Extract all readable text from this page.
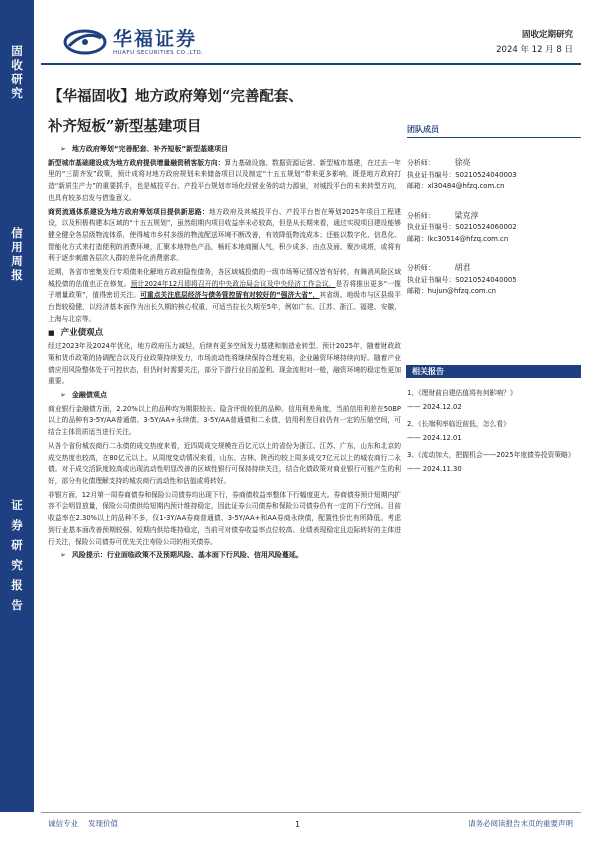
固收研究
信用周报
证券研究报告
华福证券
HUAFU SECURITIES CO.,LTD.
固收定期研究
2024 年 12 月 8 日
【华福固收】地方政府筹划“完善配套、
补齐短板”新型基建项目
➢ 地方政府筹划“完善配套、补齐短板”新型基建项目

新型城市基础建设成为地方政府提供增量融资稍客版方向：算力基础设施、数据资源运营、新型城市基建，在过去一年里的“三箭齐发”政策，预计成将对地方政府规划未来储备项目以及制定“十五五规划”带来更多影响，既是地方政府打造“新质生产力”的重要抓手，也是城投平台、产投平台规划市场化经营业务的动力源泉，对城投平台的未来转型方向，也具有较多启发与借鉴意义。

商贸流通体系建设为地方政府筹划项目提供新思路：地方政府及其城投平台、产投平台皆在筹划2025年项目工程建设，以及积极构建本区域的“十五五规划”，虽然组期内项目收益率未必较高，但是从长期来看，通过实现项目建设能够健全健全各层级物流体系，使得城市乡村多级的物流配送环境不断改善，有效降低物流成本；还能以数字化、信息化、智能化方式来打造便利的消费环境，汇聚本地特色产品，畅旺本地商圈人气，积少成多、由点及面、聚沙成塔，或将有利于逐步刺激各层次人群的差异化消费需求。

近期，各省市密集发行专项债来化解地方政府隐性债务，各区域城投债的一级市场筹记情况皆有好转，有舞消风险区域城投债的估值也正在修复。预计2024年12月即将召开的中央政治局会议及中央经济工作会议，是否将推出更多“一揽子增量政策”，值得密切关注。可重点关注底层经济与债务管控留有对较好的“强济大省”，其省级、地级市与区县级平台皆较稳健，以经济基本面作为出长久期的核心权重，可适当拉长久期至5年，例如广东、江苏、浙江、福建、安徽、上海与北京等。

■ 产业债观点

经过2023年及2024年优化，地方政府压力减轻，后续有更多空间发力基建和制造业转型。预计2025年，随着财政政策和货币政策的协调配合以及行业政策持续发力，市场流动性将继续保持合理充裕，企业融资环境持续向好。随着产业债应用风险整体处于可控状态，但仍时时需要关注，部分下游行业目前盈利、现金流相对一般，融资环境的稳定性更加重要。

➢ 金融债观点

商业银行金融债方面，2.20%以上的品种均为期限较长、隐含评级较低的品种。信用利差角度，当前信用利差在50BP以上的品种有3-5Y/AA普通债、3-5Y/AA+永续债、3-5Y/AA普通债和二永债，信用利差目前仍有一定的压缩空间，可结合主体资质适当进行关注。

从各个省份城农商行二永债的成交热度来看，近四周成交规模在百亿元以上的省份为浙江、江苏、广东，山东和北京的成交热度也较高，在80亿元以上。从周度变动情况来看，山东、吉林、陕西均较上周多成交7亿元以上的城农商行二永债。对于成交活跃度较高或出现流动性明显改善的区域性银行可保持持续关注，结合化债政策对商业银行可能产生的利好，部分有化债理解支持的城农商行流动性和估值或将转好。

非银方面，12月第一周券商债券和保险公司债券均出现下行，券商债收益率整体下行幅度更大。券商债券预计短期内扩容不会明显放量，保险公司债供给短期内预计维持稳定，因此证券公司债券和保险公司债券仍有一定的下行空间。目前收益率在2.30%以上的品种不多，仅1-3Y/AA券商普通债、3-5Y/AA+和AA券商永续债，配置性价比有所降低。考虑到行业基本面改善预期较强、短期内供给维持稳定，当前可对债券收益率点位较高、业绩表现稳定且边际转好的主体进行关注，保险公司债券可优先关注寿险公司的相关债券。

➢ 风险提示：行业面临政策不及预期风险、基本面下行风险、信用风险蔓延。
团队成员
分析师：	徐亮
执业证书编号：S0210524040003
邮箱：xl30484@hfzq.com.cn
分析师：	梁克淳
执业证书编号：S0210524060002
邮箱：lkc30514@hfzq.com.cn
分析师：	胡君
执业证书编号：S0210524040005
邮箱：hujun@hfzq.com.cn
相关报告
1、《理财前自建估值将有何影响？》
—— 2024.12.02
2、《长端利率临近前低，怎么看》
—— 2024.12.01
3、《流动加大，把握机会——2025年度债券投资策略》
—— 2024.11.30
诚信专业 发现价值	1	请务必阅读报告末页的重要声明
